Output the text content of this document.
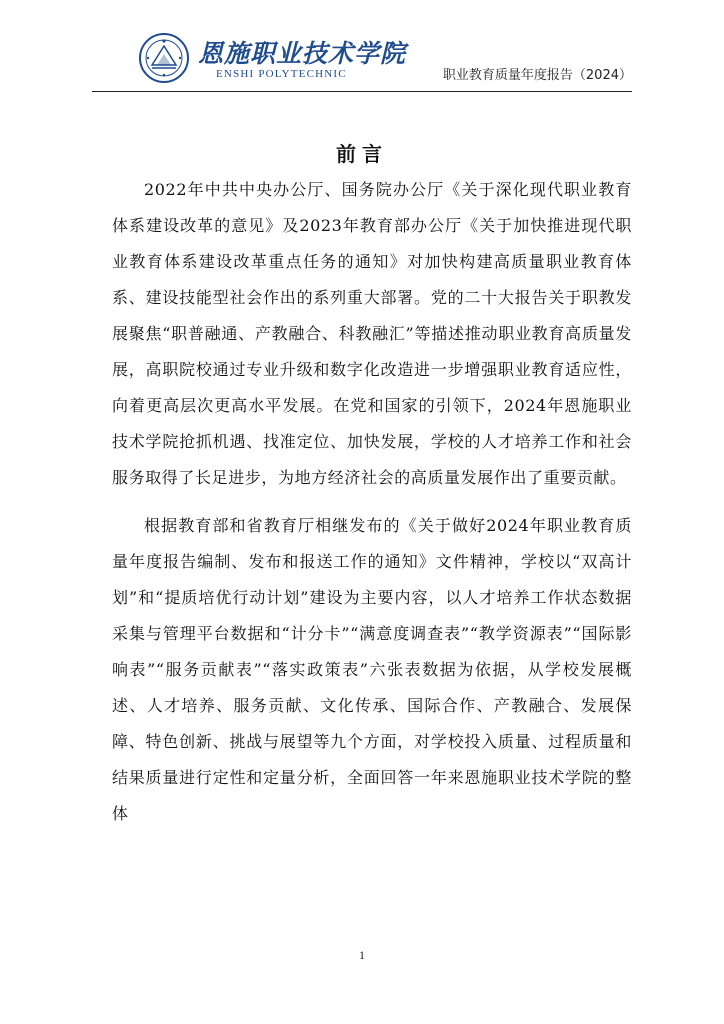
恩施职业技术学院
ENSHI POLYTECHNIC	职业教育质量年度报告（2024）
前言

2022年中共中央办公厅、国务院办公厅《关于深化现代职业教育体系建设改革的意见》及2023年教育部办公厅《关于加快推进现代职业教育体系建设改革重点任务的通知》对加快构建高质量职业教育体系、建设技能型社会作出的系列重大部署。党的二十大报告关于职教发展聚焦“职普融通、产教融合、科教融汇”等描述推动职业教育高质量发展，高职院校通过专业升级和数字化改造进一步增强职业教育适应性，向着更高层次更高水平发展。在党和国家的引领下，2024年恩施职业技术学院抢抓机遇、找准定位、加快发展，学校的人才培养工作和社会服务取得了长足进步，为地方经济社会的高质量发展作出了重要贡献。

根据教育部和省教育厅相继发布的《关于做好2024年职业教育质量年度报告编制、发布和报送工作的通知》文件精神，学校以“双高计划”和“提质培优行动计划”建设为主要内容，以人才培养工作状态数据采集与管理平台数据和“计分卡”“满意度调查表”“教学资源表”“国际影响表”“服务贡献表”“落实政策表”六张表数据为依据，从学校发展概述、人才培养、服务贡献、文化传承、国际合作、产教融合、发展保障、特色创新、挑战与展望等九个方面，对学校投入质量、过程质量和结果质量进行定性和定量分析，全面回答一年来恩施职业技术学院的整体

1
